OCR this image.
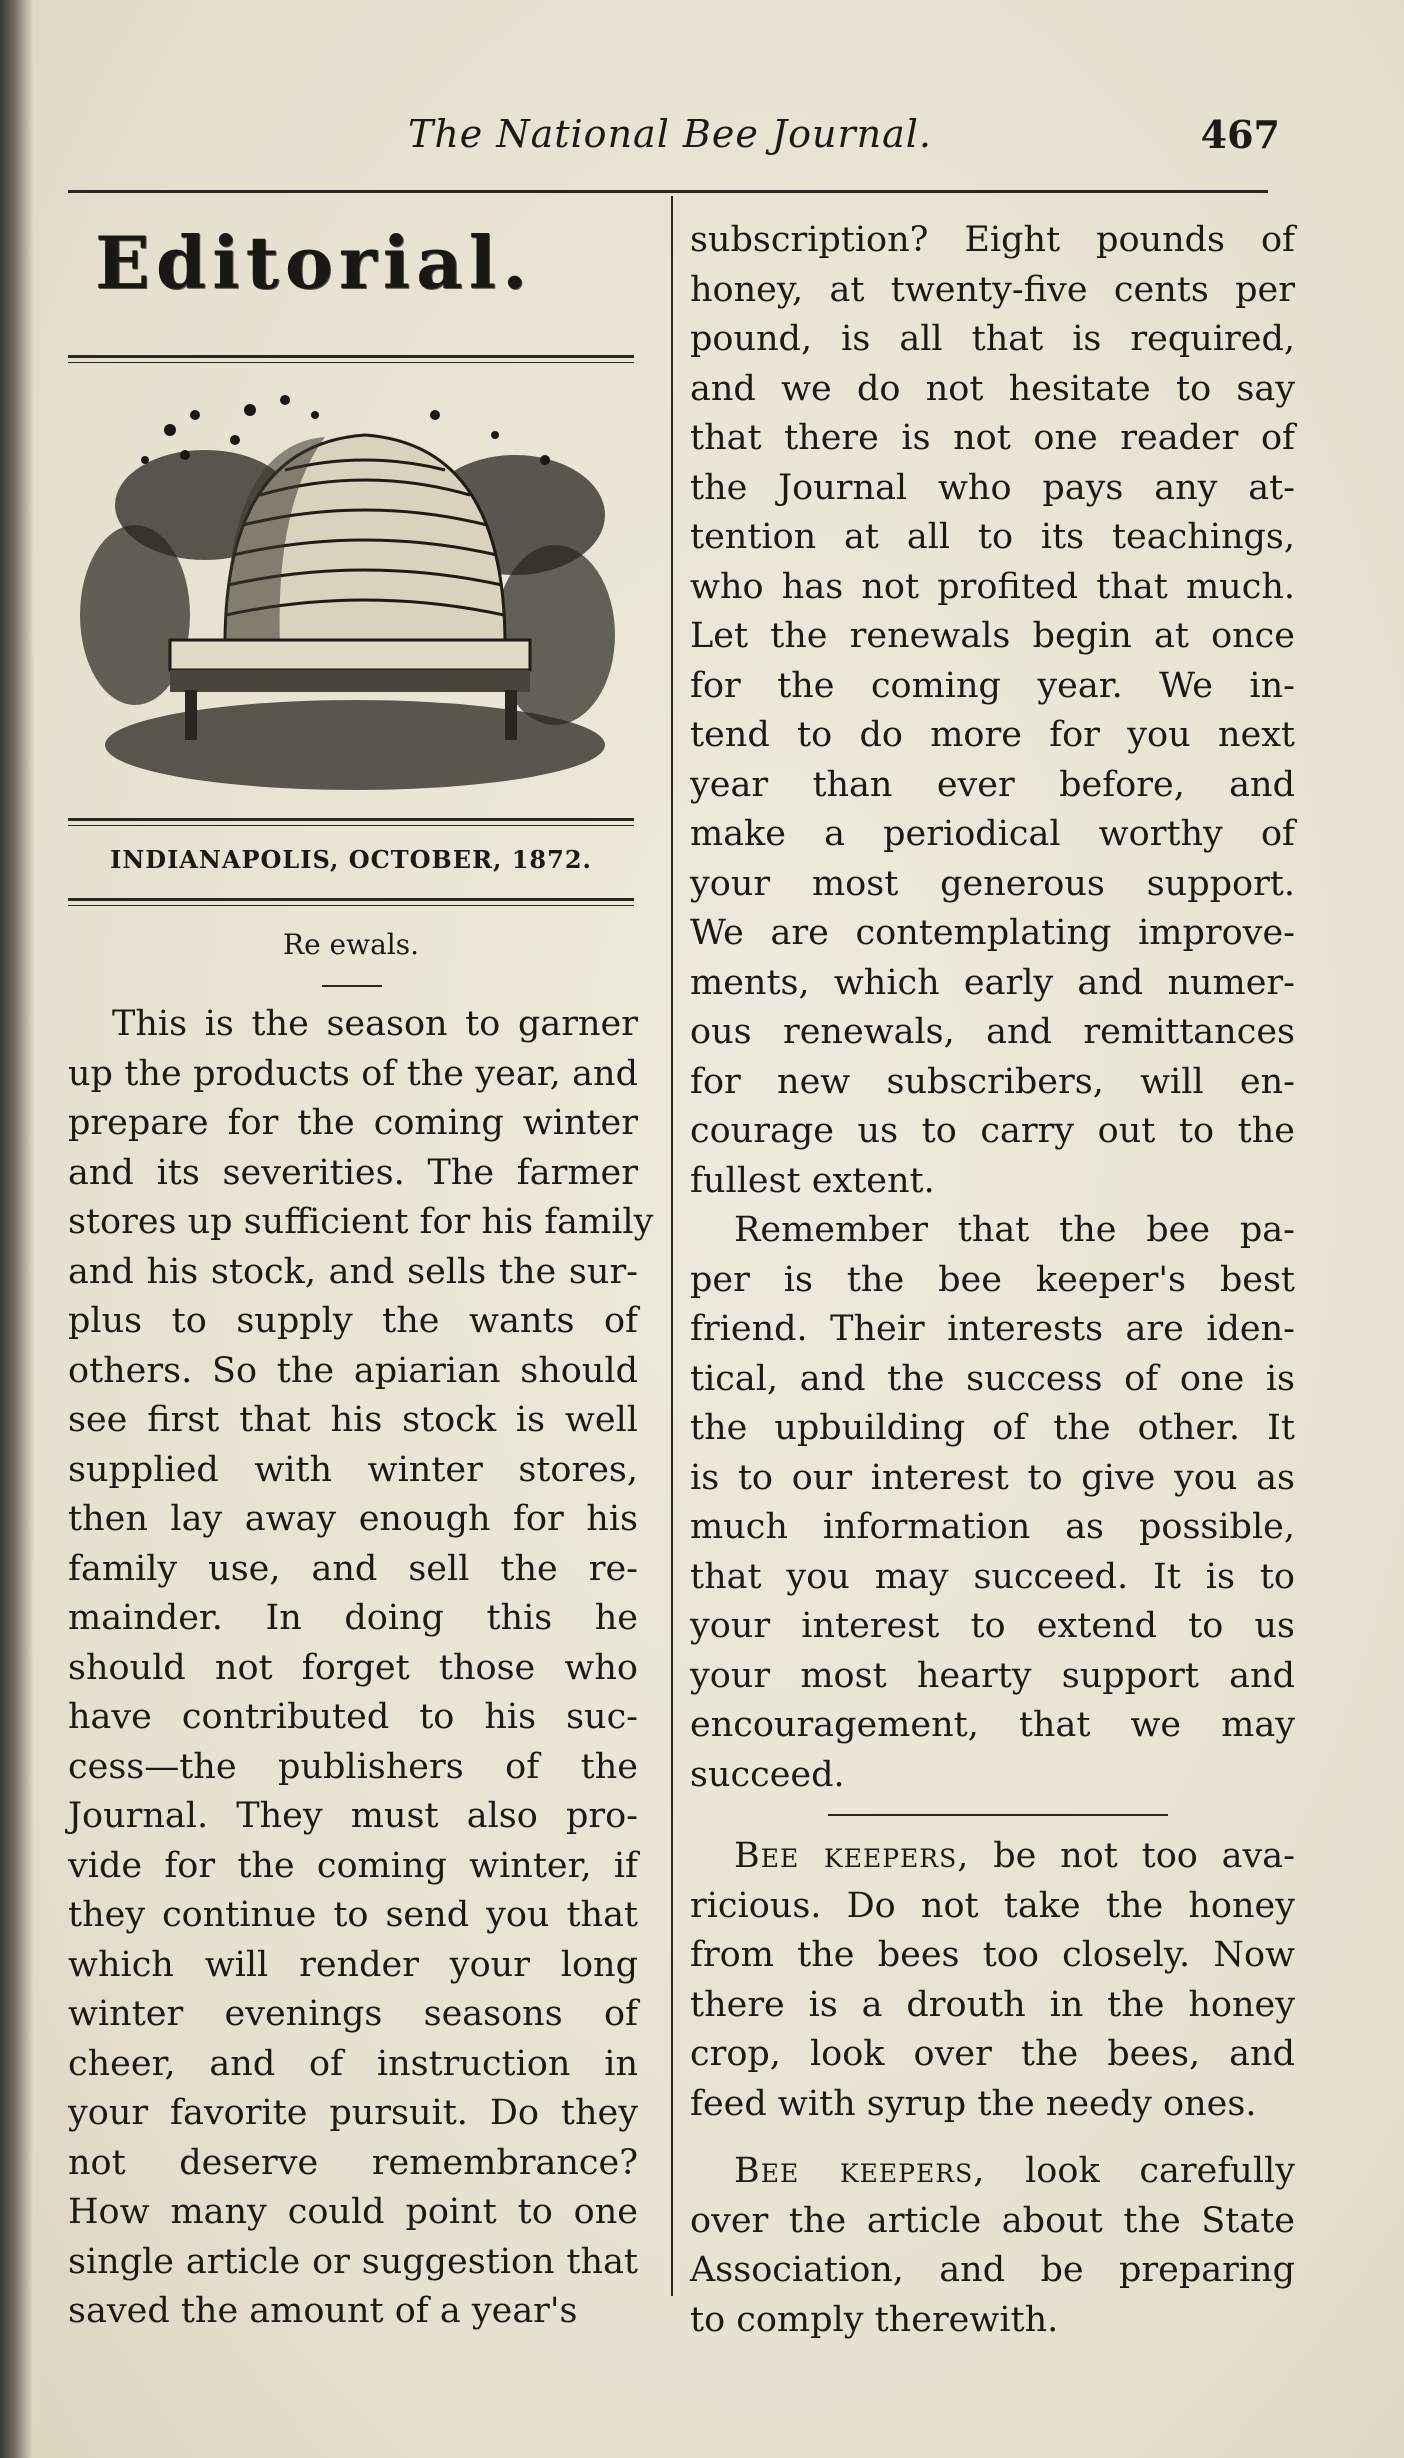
The National Bee Journal.	467
Editorial.
INDIANAPOLIS, OCTOBER, 1872.
Re ewals.
This is the season to garner
up the products of the year, and
prepare for the coming winter
and its severities. The farmer
stores up sufficient for his family
and his stock, and sells the sur-
plus to supply the wants of
others. So the apiarian should
see first that his stock is well
supplied with winter stores,
then lay away enough for his
family use, and sell the re-
mainder. In doing this he
should not forget those who
have contributed to his suc-
cess—the publishers of the
Journal. They must also pro-
vide for the coming winter, if
they continue to send you that
which will render your long
winter evenings seasons of
cheer, and of instruction in
your favorite pursuit. Do they
not deserve remembrance?
How many could point to one
single article or suggestion that
saved the amount of a year's
subscription? Eight pounds of
honey, at twenty-five cents per
pound, is all that is required,
and we do not hesitate to say
that there is not one reader of
the Journal who pays any at-
tention at all to its teachings,
who has not profited that much.
Let the renewals begin at once
for the coming year. We in-
tend to do more for you next
year than ever before, and
make a periodical worthy of
your most generous support.
We are contemplating improve-
ments, which early and numer-
ous renewals, and remittances
for new subscribers, will en-
courage us to carry out to the
fullest extent.
Remember that the bee pa-
per is the bee keeper's best
friend. Their interests are iden-
tical, and the success of one is
the upbuilding of the other. It
is to our interest to give you as
much information as possible,
that you may succeed. It is to
your interest to extend to us
your most hearty support and
encouragement, that we may
succeed.
Bee keepers, be not too ava-
ricious. Do not take the honey
from the bees too closely. Now
there is a drouth in the honey
crop, look over the bees, and
feed with syrup the needy ones.
Bee keepers, look carefully
over the article about the State
Association, and be preparing
to comply therewith.
